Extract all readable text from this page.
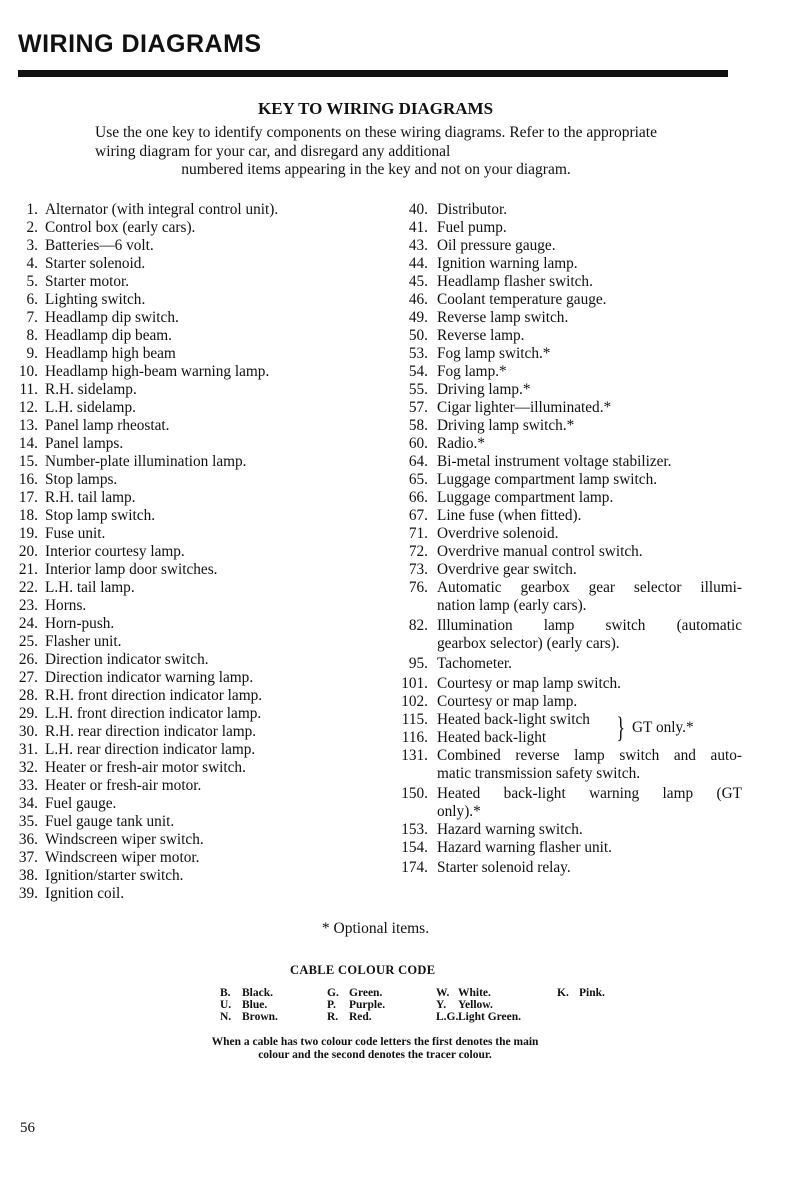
WIRING DIAGRAMS
KEY TO WIRING DIAGRAMS
Use the one key to identify components on these wiring diagrams. Refer to the appropriate wiring diagram for your car, and disregard any additional
numbered items appearing in the key and not on your diagram.
1. Alternator (with integral control unit).
2. Control box (early cars).
3. Batteries—6 volt.
4. Starter solenoid.
5. Starter motor.
6. Lighting switch.
7. Headlamp dip switch.
8. Headlamp dip beam.
9. Headlamp high beam
10. Headlamp high-beam warning lamp.
11. R.H. sidelamp.
12. L.H. sidelamp.
13. Panel lamp rheostat.
14. Panel lamps.
15. Number-plate illumination lamp.
16. Stop lamps.
17. R.H. tail lamp.
18. Stop lamp switch.
19. Fuse unit.
20. Interior courtesy lamp.
21. Interior lamp door switches.
22. L.H. tail lamp.
23. Horns.
24. Horn-push.
25. Flasher unit.
26. Direction indicator switch.
27. Direction indicator warning lamp.
28. R.H. front direction indicator lamp.
29. L.H. front direction indicator lamp.
30. R.H. rear direction indicator lamp.
31. L.H. rear direction indicator lamp.
32. Heater or fresh-air motor switch.
33. Heater or fresh-air motor.
34. Fuel gauge.
35. Fuel gauge tank unit.
36. Windscreen wiper switch.
37. Windscreen wiper motor.
38. Ignition/starter switch.
39. Ignition coil.
40. Distributor.
41. Fuel pump.
43. Oil pressure gauge.
44. Ignition warning lamp.
45. Headlamp flasher switch.
46. Coolant temperature gauge.
49. Reverse lamp switch.
50. Reverse lamp.
53. Fog lamp switch.*
54. Fog lamp.*
55. Driving lamp.*
57. Cigar lighter—illuminated.*
58. Driving lamp switch.*
60. Radio.*
64. Bi-metal instrument voltage stabilizer.
65. Luggage compartment lamp switch.
66. Luggage compartment lamp.
67. Line fuse (when fitted).
71. Overdrive solenoid.
72. Overdrive manual control switch.
73. Overdrive gear switch.
76. Automatic gearbox gear selector illumi-
nation lamp (early cars).
82. Illumination lamp switch (automatic
gearbox selector) (early cars).
95. Tachometer.
101. Courtesy or map lamp switch.
102. Courtesy or map lamp.
115. Heated back-light switch
116. Heated back-light	} GT only.*
131. Combined reverse lamp switch and auto-
matic transmission safety switch.
150. Heated back-light warning lamp (GT
only).*
153. Hazard warning switch.
154. Hazard warning flasher unit.
174. Starter solenoid relay.
* Optional items.
CABLE COLOUR CODE
B. Black.	G. Green.	W. White.	K. Pink.
U. Blue.	P. Purple.	Y. Yellow.
N. Brown.	R. Red.	L.G.Light Green.
When a cable has two colour code letters the first denotes the main
colour and the second denotes the tracer colour.
56
